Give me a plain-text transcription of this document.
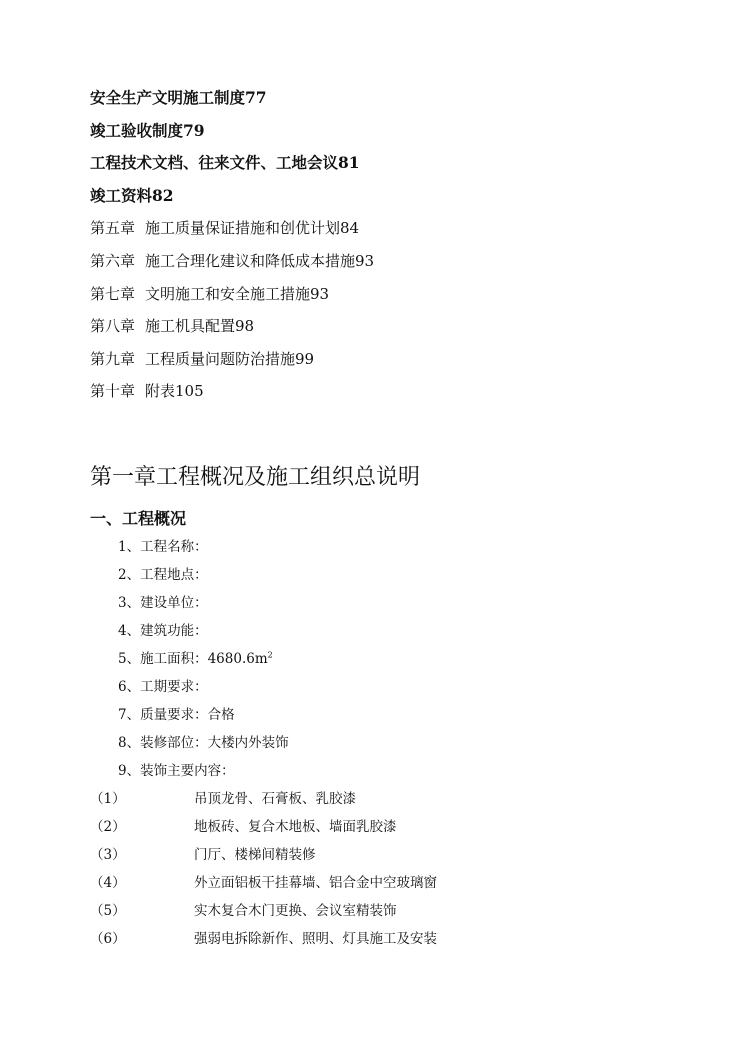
安全生产文明施工制度77
竣工验收制度79
工程技术文档、往来文件、工地会议81
竣工资料82
第五章 施工质量保证措施和创优计划84
第六章 施工合理化建议和降低成本措施93
第七章 文明施工和安全施工措施93
第八章 施工机具配置98
第九章 工程质量问题防治措施99
第十章 附表105
第一章工程概况及施工组织总说明
一、工程概况
1、工程名称：
2、工程地点：
3、建设单位：
4、建筑功能：
5、施工面积：$4680.6m^2$
6、工期要求：
7、质量要求：合格
8、装修部位：大楼内外装饰
9、装饰主要内容：
（1）	吊顶龙骨、石膏板、乳胶漆
（2）	地板砖、复合木地板、墙面乳胶漆
（3）	门厅、楼梯间精装修
（4）	外立面铝板干挂幕墙、铝合金中空玻璃窗
（5）	实木复合木门更换、会议室精装饰
（6）	强弱电拆除新作、照明、灯具施工及安装
